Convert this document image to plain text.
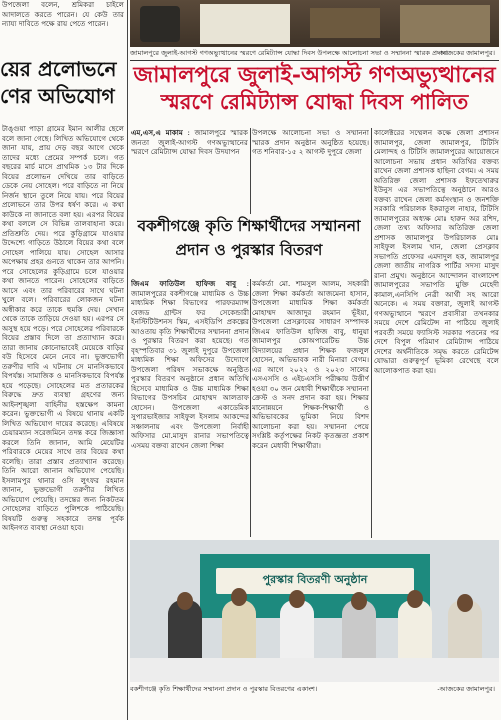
উপজেলা বলেন, শ্রমিকরা চাইলে আদালতে করতে পারেন। যে কেউ তার ন্যায্য দাবিতে পক্ষে রায় পেতে পারেন।

য়ের প্রলোভনে
ণের অভিযোগ

টাঙ্গুয়া পাড়া গ্রামের ইমান আলীর ছেলে বলে জানা গেছে। লিখিত অভিযোগে থেকে জানা যায়, প্রায় দেড় বছর আগে থেকে তাদের মধ্যে প্রেমের সম্পর্ক চলে। গত বছরের মার্চ মাসে প্রাথমিক ১৩ টার দিকে বিয়ের প্রলোভন দেখিয়ে তার বাড়িতে ডেকে নেয় সোহেল। পরে বাড়িতে না নিয়ে নির্জন স্থানে তুলে নিয়ে যায়। পরে বিয়ের প্রলোভনে তার উপর ধর্ষণ করে। এ কথা কাউকে না জানাতে বলা হয়। এরপর বিয়ের কথা বললে সে বিভিন্ন তালবাহানা করে। প্রতিশ্রুতি দেয়। পরে কুড়িগ্রামে যাওয়ার উদ্দেশ্যে গাড়িতে উঠালে বিয়ের কথা বলে সোহেল পালিয়ে যায়। সোহেল আসার অপেক্ষায় প্রহর গুনতে থাকেন তার আপনি। পরে সোহেলের কুড়িগ্রামে চলে যাওয়ার কথা জানতে পারেন। সোহেলের বাড়িতে আসে এবং তার পরিবারের সাথে ঘটনা খুলে বলে। পরিবারের লোকজন ঘটনা অস্বীকার করে তাকে হুমকি দেয়। সেখান থেকে তাকে তাড়িয়ে দেওয়া হয়। এরপর সে অসুস্থ হয়ে পড়ে। পরে সোহেলের পরিবারকে বিয়ের প্রস্তাব দিলে তা প্রত্যাখ্যান করে। তারা জানায় কোনোভাবেই মেয়েকে বাড়ির বউ হিসেবে মেনে নেবে না। ভুক্তভোগী তরুণীর দাবি এ ঘটনায় সে মানসিকভাবে বিপর্যস্ত। সামাজিক ও মানসিকভাবে বিপর্যস্ত হয়ে পড়েছে। সোহেলের মত প্রতারকের বিরুদ্ধে দ্রুত ব্যবস্থা গ্রহণের জন্য আইনশৃঙ্খলা বাহিনীর হস্তক্ষেপ কামনা করেন। ভুক্তভোগী এ বিষয়ে থানায় একটি লিখিত অভিযোগ দায়ের করেছে। এবিষয়ে চেয়ারম্যান সরেজমিনে তদন্ত করে জিজ্ঞাসা করলে তিনি জানান, আমি মেয়েটির পরিবারকে মেয়ের সাথে তার বিয়ের কথা বলেছি। তারা প্রস্তাব প্রত্যাখ্যান করেছে। তিনি আরো জানান অভিযোগ পেয়েছি। ইসলামপুর থানার ওসি লুৎফর রহমান জানান, ভুক্তভোগী তরুণীর লিখিত অভিযোগ পেয়েছি। তদন্তের জন্য নিকটতম সোহেলের বাড়িতে পুলিশকে পাঠিয়েছি। বিষয়টি গুরুত্ব সহকারে তদন্ত পূর্বক আইনগত ব্যবস্থা নেওয়া হবে।

জামালপুরে জুলাই-আগস্ট গণঅভ্যুত্থানের স্মরণে রেমিট্যান্স যোদ্ধা দিবস উপলক্ষে আলোচনা সভা ও সম্মাননা স্মারক প্রদান।
-আজকের জামালপুর।
জামালপুরে জুলাই-আগস্ট গণঅভ্যুত্থানের
স্মরণে রেমিট্যান্স যোদ্ধা দিবস পালিত

এম,এস,এ মাকাম : জামালপুরে স্মারক জনতা জুলাই-আগস্ট গণঅভ্যুত্থানের স্মরণে রেমিট্যান্স যোদ্ধা দিবস উদযাপন

উপলক্ষে আলোচনা সভা ও সম্মাননা স্মারক প্রদান অনুষ্ঠান অনুষ্ঠিত হয়েছে। গত শনিবার-১৫ ২ আগস্ট দুপুরে জেলা

কালেক্টরের সম্মেলন কক্ষে জেলা প্রশাসন জামালপুর, জেলা জামালপুর, টিটিসি মেলান্দহ ও টিটিসি জামালপুরের আয়োজনে আলোচনা সভায় প্রধান অতিথির বক্তব্য রাখেন জেলা প্রশাসক হাছিনা বেগম। এ সময় অতিরিক্ত জেলা প্রশাসক ইফতেখারুর ইউনুস এর সভাপতিত্বে অনুষ্ঠানে আরও বক্তব্য রাখেন জেলা কর্মসংস্থান ও জনশক্তি সরকারি পরিচালক ইকরাতুল নাহার, টিটিসি জামালপুরের অধ্যক্ষ মোঃ হারুন অর রশিদ, জেলা তথ্য অফিসার অতিরিক্ত জেলা প্রশাসক জামালপুর উপরিচালক মোঃ সাইফুল ইসলাম খান, জেলা প্রেসক্লাব সভাপতি প্রফেসর এমদাদুল হক, জামালপুর জেলা জাতীয় নাগরিক পার্টির সদস্য মাসুদ রানা প্রমুখ। অনুষ্ঠানে আন্দোলন বাংলাদেশ জামালপুরের সভাপতি মুক্তি মেহেদী কামাল,এনসিপি নেত্রী আর্থী সহ আরো অনেকে। এ সময় বক্তারা, জুলাই আগস্ট গণঅভ্যুত্থানে স্মরণে প্রবাসীরা তখনকার সময়ে দেশে রেমিটেন্স না পাঠিয়ে জুলাই পরবর্তী সময়ে ফ্যাসিস্ট সরকার পতনের পর দেশে বিপুল পরিমাণ রেমিট্যান্স পাঠিয়ে দেশের অর্থনীতিকে সমৃদ্ধ করতে রেমিটেন্স যোদ্ধারা গুরুত্বপূর্ণ ভূমিকা রেখেছে বলে আলোকপাত করা হয়।

বকশীগঞ্জে কৃতি শিক্ষার্থীদের সম্মাননা
প্রদান ও পুরস্কার বিতরণ

জিএম ফাতিউল হাফিজ বাবু : জামালপুরের বকশীগঞ্জে মাধ্যমিক ও উচ্চ মাধ্যমিক শিক্ষা বিভাগের পারফরম্যান্স বেজড গ্রান্টস ফর সেকেন্ডারী ইনস্টিটিউশনস স্কিম, এসইডিপি প্রকল্পের আওতায় কৃতি শিক্ষার্থীদের সম্মাননা প্রদান ও পুরস্কার বিতরণ করা হয়েছে। গত বৃহস্পতিবার ৩১ জুলাই দুপুরে উপজেলা মাধ্যমিক শিক্ষা অফিসের উদ্যোগে উপজেলা পরিষদ সভাকক্ষে অনুষ্ঠিত পুরস্কার বিতরণ অনুষ্ঠানে প্রধান অতিথি হিসেবে মাধ্যমিক ও উচ্চ মাধ্যমিক শিক্ষা বিভাগের উপসচিব মোহাম্মদ আলতাফ হোসেন। উপজেলা একাডেমিক সুপারভাইজার সাইফুল ইসলাম আকন্দের সঞ্চালনায় এবং উপজেলা নির্বাহী অফিসার মো.মাসুদ রানার সভাপতিত্বে এসময় বক্তব্য রাখেন জেলা শিক্ষা

কর্মকর্তা মো. শামসুল আলম, সহকারী জেলা শিক্ষা কর্মকর্তা আজমেনা হাসান, উপজেলা মাধ্যমিক শিক্ষা কর্মকর্তা মোহাম্মদ আজাদুর রহমান ভূঁইয়া, উপজেলা প্রেসক্লাবের সাধারণ সম্পাদক জিএম ফাতিউল হাফিজ বাবু, ধানুয়া জামালপুর কোঅপারেটিভ উচ্চ বিদ্যালয়ের প্রধান শিক্ষক ফজলুল হোসেন, অভিভাবক নারী মিনারা বেগম। এর আগে ২০২২ ও ২০২৩ সালের এসএসসি ও এইচএসসি পরীক্ষায় উত্তীর্ণ হওয়া ৩০ জন মেধাবী শিক্ষার্থীকে সম্মাননা ক্রেস্ট ও সনদ প্রদান করা হয়। শিক্ষার মানোন্নয়নে শিক্ষক-শিক্ষার্থী ও অভিভাবকের ভূমিকা নিয়ে বিশদ আলোচনা করা হয়। সম্মাননা পেয়ে সংশ্লিষ্ট কর্তৃপক্ষের নিকট কৃতজ্ঞতা প্রকাশ করেন মেধাবী শিক্ষার্থীরা।

পুরস্কার বিতরণী অনুষ্ঠান
বকশীগঞ্জে কৃতি শিক্ষার্থীদের সম্মাননা প্রদান ও পুরস্কার বিতরণের একাংশ।	-আজকের জামালপুর।
